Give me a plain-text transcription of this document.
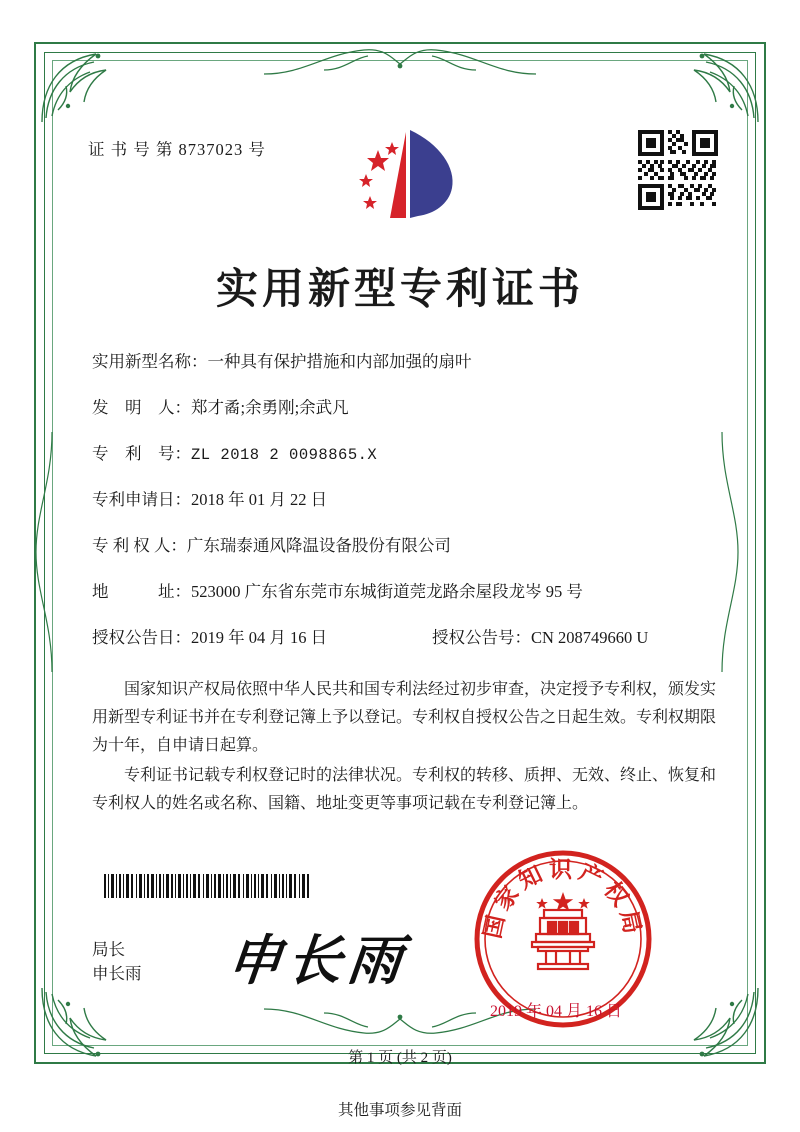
证 书 号 第 8737023 号
实用新型专利证书
实用新型名称： 一种具有保护措施和内部加强的扇叶
发　明　人： 郑才矞;余勇刚;余武凡
专　利　号： ZL 2018 2 0098865.X
专利申请日： 2018 年 01 月 22 日
专 利 权 人： 广东瑞泰通风降温设备股份有限公司
地　　　址： 523000 广东省东莞市东城街道莞龙路余屋段龙岑 95 号
授权公告日：2019 年 04 月 16 日	授权公告号：CN 208749660 U

国家知识产权局依照中华人民共和国专利法经过初步审查，决定授予专利权，颁发实用新型专利证书并在专利登记簿上予以登记。专利权自授权公告之日起生效。专利权期限为十年，自申请日起算。

专利证书记载专利权登记时的法律状况。专利权的转移、质押、无效、终止、恢复和专利权人的姓名或名称、国籍、地址变更等事项记载在专利登记簿上。

局长
申长雨 申长雨
国家知识产权局
2019 年 04 月 16 日
第 1 页 (共 2 页)
其他事项参见背面
